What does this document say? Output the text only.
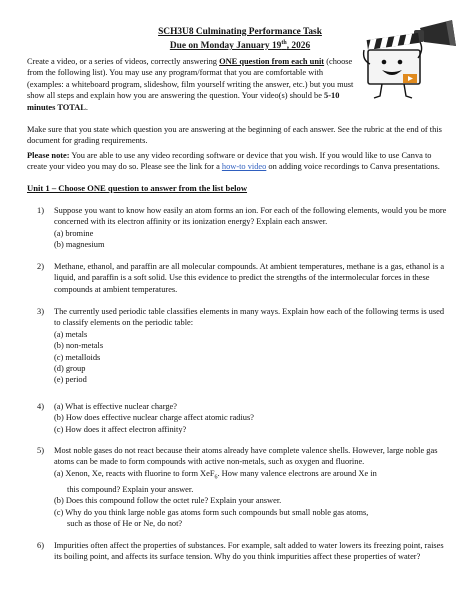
SCH3U8 Culminating Performance Task
Due on Monday January 19th, 2026
Create a video, or a series of videos, correctly answering ONE question from each unit (choose from the following list). You may use any program/format that you are comfortable with (examples: a whiteboard program, slideshow, film yourself writing the answer, etc.) but you must show all steps and explain how you are answering the question. Your video(s) should be 5-10 minutes TOTAL.
Make sure that you state which question you are answering at the beginning of each answer. See the rubric at the end of this document for grading requirements.
Please note: You are able to use any video recording software or device that you wish. If you would like to use Canva to create your video you may do so. Please see the link for a how-to video on adding voice recordings to Canva presentations.
Unit 1 – Choose ONE question to answer from the list below
1) Suppose you want to know how easily an atom forms an ion. For each of the following elements, would you be more concerned with its electron affinity or its ionization energy? Explain each answer.
(a) bromine
(b) magnesium
2) Methane, ethanol, and paraffin are all molecular compounds. At ambient temperatures, methane is a gas, ethanol is a liquid, and paraffin is a soft solid. Use this evidence to predict the strengths of the intermolecular forces in these compounds at ambient temperatures.
3) The currently used periodic table classifies elements in many ways. Explain how each of the following terms is used to classify elements on the periodic table:
(a) metals
(b) non-metals
(c) metalloids
(d) group
(e) period
4) (a) What is effective nuclear charge?
(b) How does effective nuclear charge affect atomic radius?
(c) How does it affect electron affinity?
5) Most noble gases do not react because their atoms already have complete valence shells. However, large noble gas atoms can be made to form compounds with active non-metals, such as oxygen and fluorine.
(a) Xenon, Xe, reacts with fluorine to form XeF$_6$. How many valence electrons are around Xe in
this compound? Explain your answer.
(b) Does this compound follow the octet rule? Explain your answer.
(c) Why do you think large noble gas atoms form such compounds but small noble gas atoms,
such as those of He or Ne, do not?
6) Impurities often affect the properties of substances. For example, salt added to water lowers its freezing point, raises its boiling point, and affects its surface tension. Why do you think impurities affect these properties of water?
